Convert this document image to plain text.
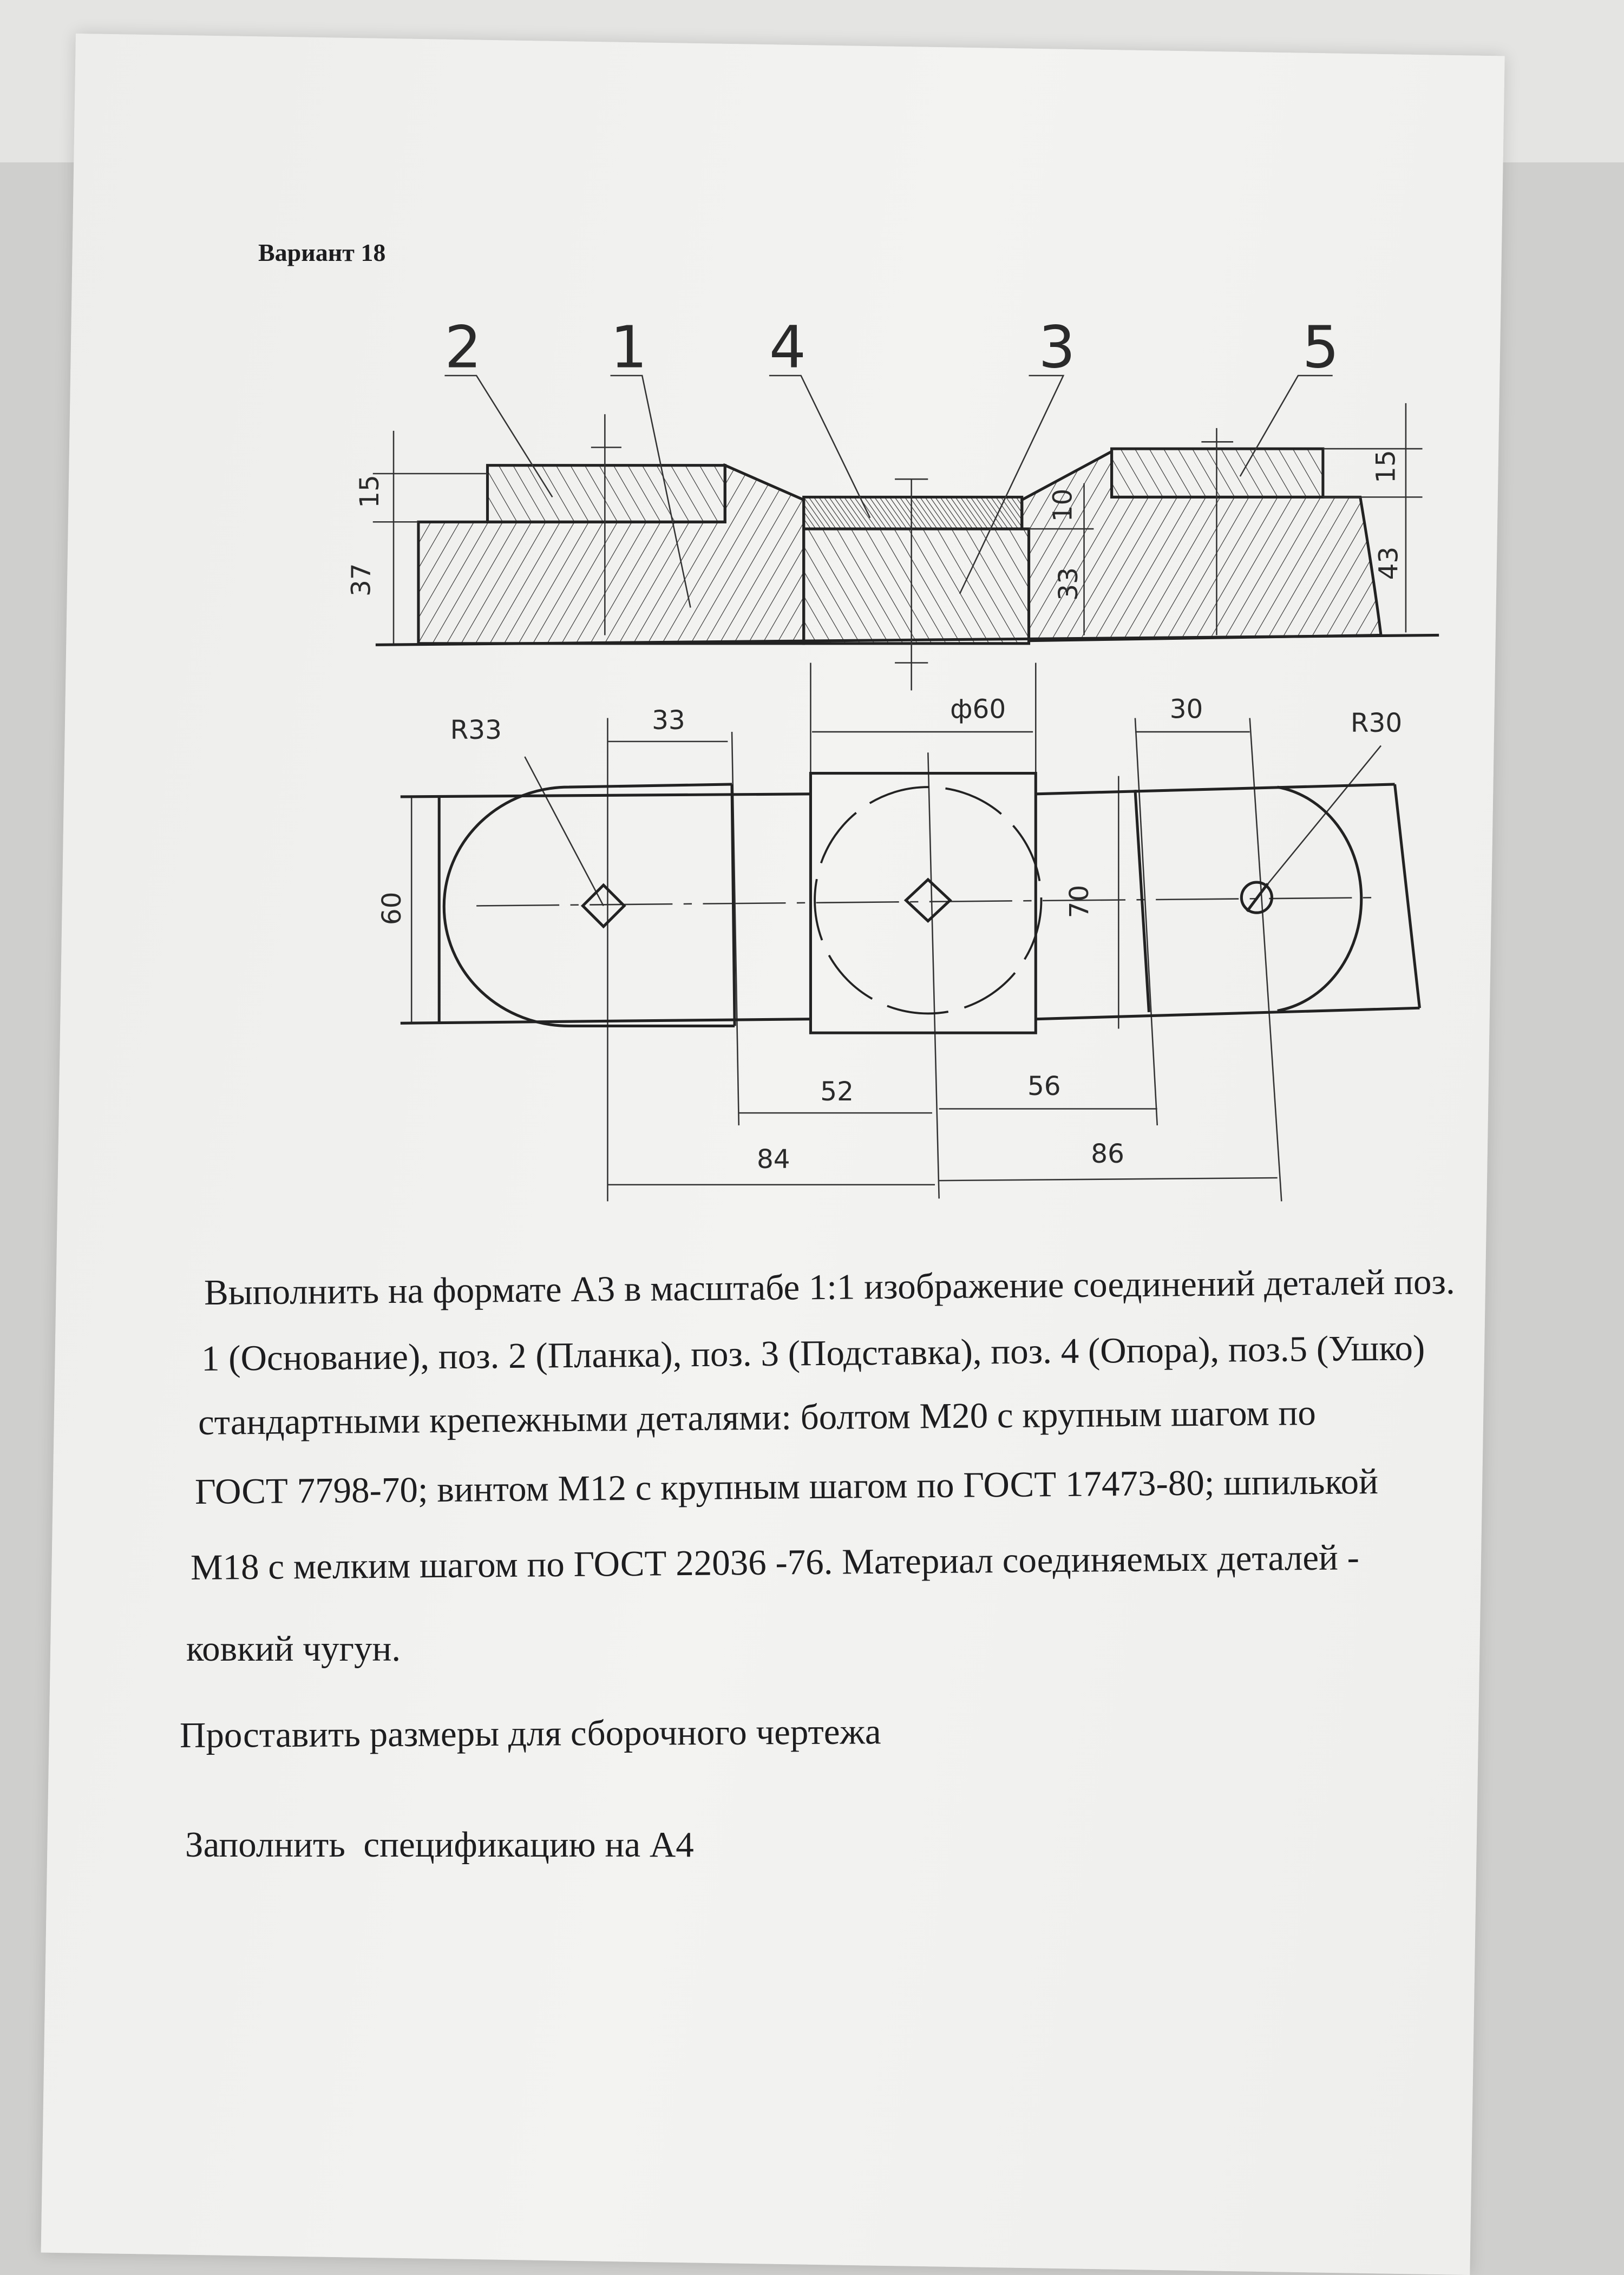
Вариант 18
2	1	4	3	5
15
37
10
33
15
43
R33	33	ф60	30	R30
60	70
52	56
84	86
Выполнить на формате А3 в масштабе 1:1 изображение соединений деталей поз.
1 (Основание), поз. 2 (Планка), поз. 3 (Подставка), поз. 4 (Опора), поз.5 (Ушко)
стандартными крепежными деталями: болтом М20 с крупным шагом по
ГОСТ 7798-70; винтом М12 с крупным шагом по ГОСТ 17473-80; шпилькой
М18 с мелким шагом по ГОСТ 22036 -76. Материал соединяемых деталей -
ковкий чугун.
Проставить размеры для сборочного чертежа
Заполнить  спецификацию на А4
